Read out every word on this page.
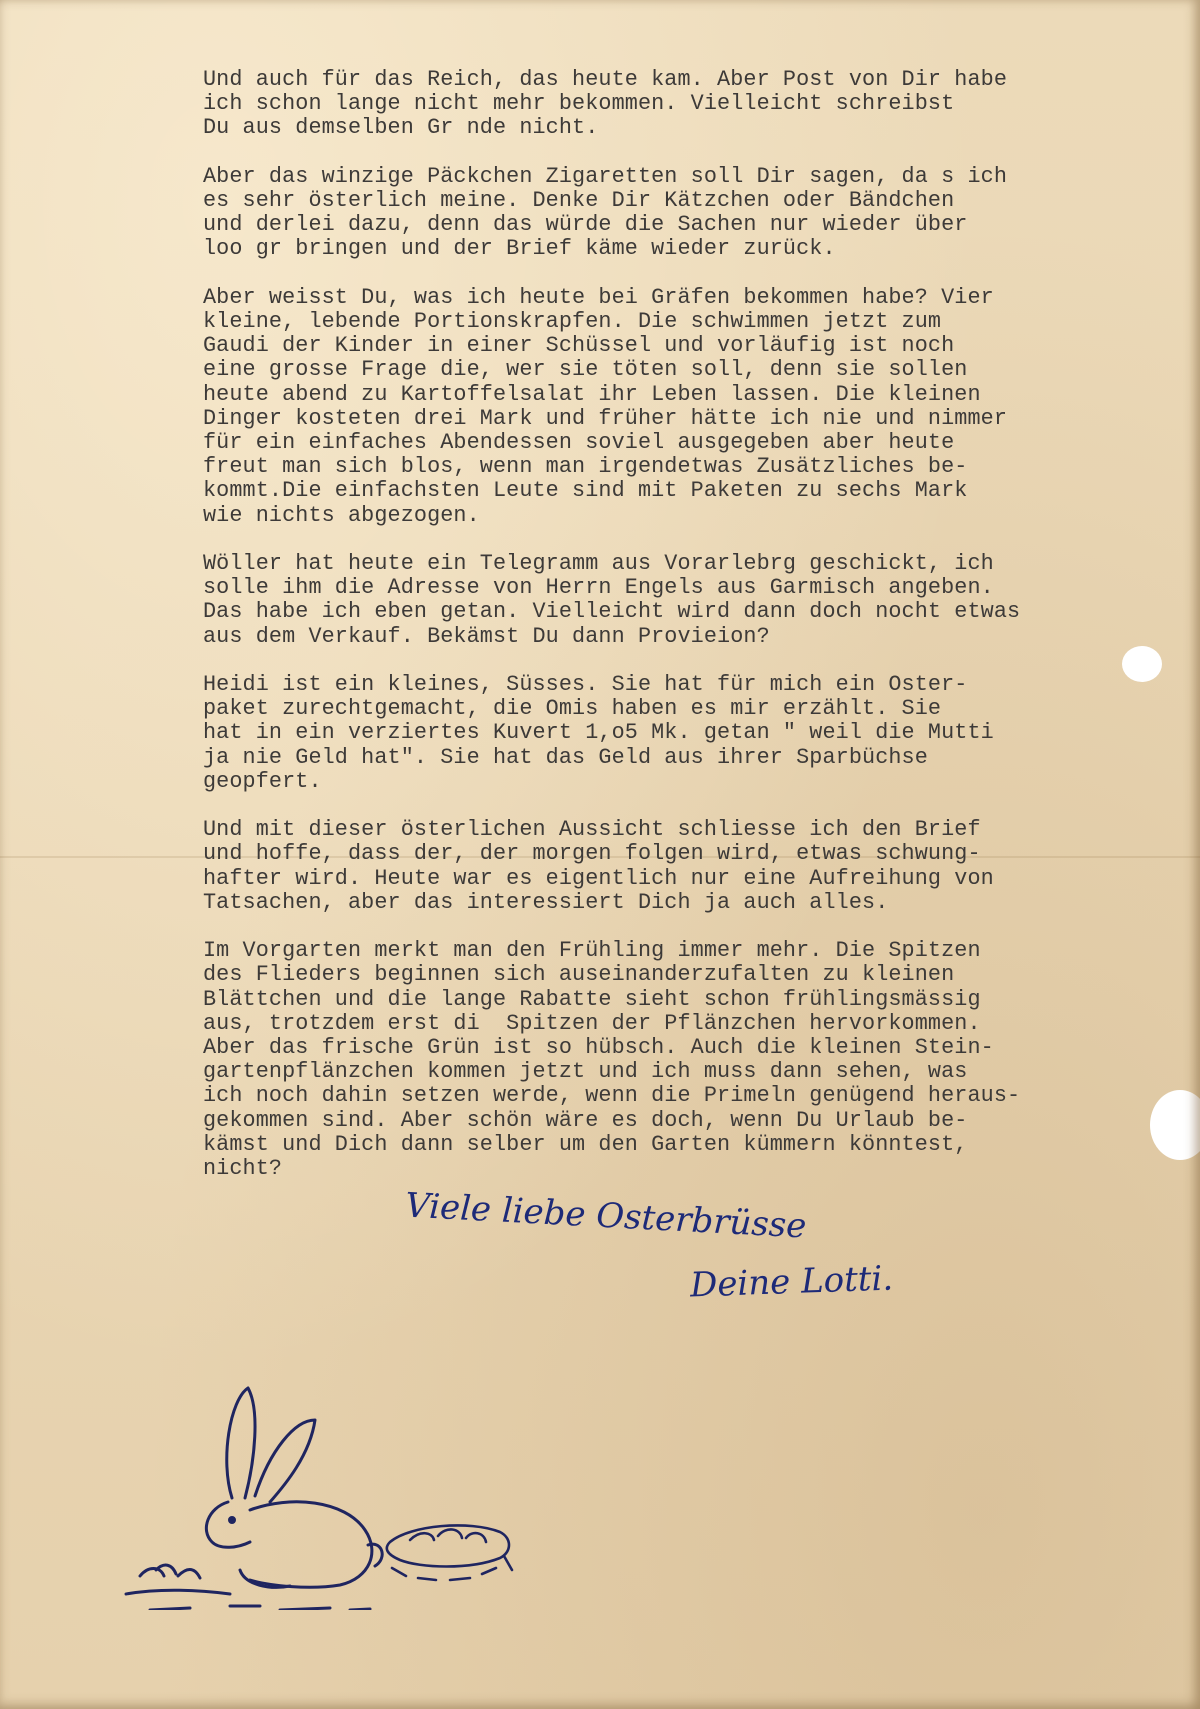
Und auch für das Reich, das heute kam. Aber Post von Dir habe
ich schon lange nicht mehr bekommen. Vielleicht schreibst
Du aus demselben Gr nde nicht.
Aber das winzige Päckchen Zigaretten soll Dir sagen, da s ich
es sehr österlich meine. Denke Dir Kätzchen oder Bändchen
und derlei dazu, denn das würde die Sachen nur wieder über
loo gr bringen und der Brief käme wieder zurück.
Aber weisst Du, was ich heute bei Gräfen bekommen habe? Vier
kleine, lebende Portionskrapfen. Die schwimmen jetzt zum
Gaudi der Kinder in einer Schüssel und vorläufig ist noch
eine grosse Frage die, wer sie töten soll, denn sie sollen
heute abend zu Kartoffelsalat ihr Leben lassen. Die kleinen
Dinger kosteten drei Mark und früher hätte ich nie und nimmer
für ein einfaches Abendessen soviel ausgegeben aber heute
freut man sich blos, wenn man irgendetwas Zusätzliches be-
kommt.Die einfachsten Leute sind mit Paketen zu sechs Mark
wie nichts abgezogen.
Wöller hat heute ein Telegramm aus Vorarlebrg geschickt, ich
solle ihm die Adresse von Herrn Engels aus Garmisch angeben.
Das habe ich eben getan. Vielleicht wird dann doch nocht etwas
aus dem Verkauf. Bekämst Du dann Provieion?
Heidi ist ein kleines, Süsses. Sie hat für mich ein Oster-
paket zurechtgemacht, die Omis haben es mir erzählt. Sie
hat in ein verziertes Kuvert 1,o5 Mk. getan " weil die Mutti
ja nie Geld hat". Sie hat das Geld aus ihrer Sparbüchse
geopfert.
Und mit dieser österlichen Aussicht schliesse ich den Brief
und hoffe, dass der, der morgen folgen wird, etwas schwung-
hafter wird. Heute war es eigentlich nur eine Aufreihung von
Tatsachen, aber das interessiert Dich ja auch alles.
Im Vorgarten merkt man den Frühling immer mehr. Die Spitzen
des Flieders beginnen sich auseinanderzufalten zu kleinen
Blättchen und die lange Rabatte sieht schon frühlingsmässig
aus, trotzdem erst di  Spitzen der Pflänzchen hervorkommen.
Aber das frische Grün ist so hübsch. Auch die kleinen Stein-
gartenpflänzchen kommen jetzt und ich muss dann sehen, was
ich noch dahin setzen werde, wenn die Primeln genügend heraus-
gekommen sind. Aber schön wäre es doch, wenn Du Urlaub be-
kämst und Dich dann selber um den Garten kümmern könntest,
nicht?
Viele liebe Osterbrüsse
Deine Lotti.
